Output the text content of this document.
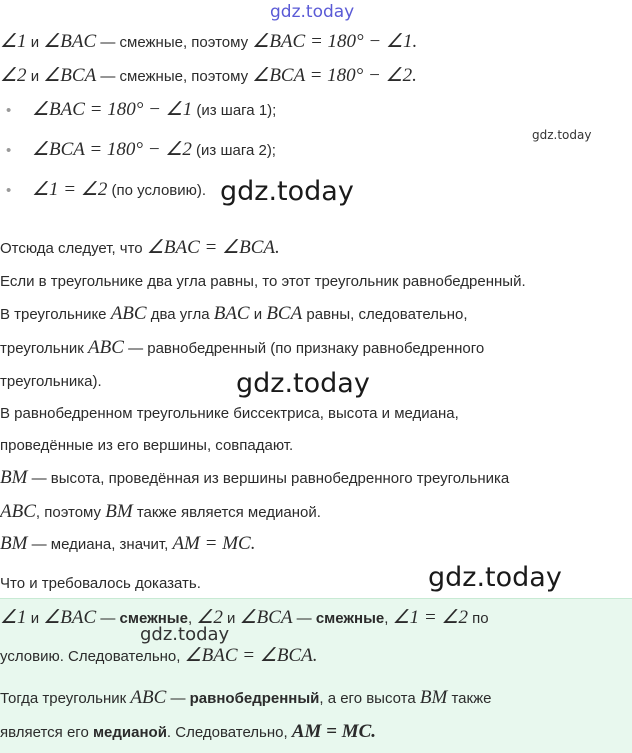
gdz.today
gdz.today
∠1 и ∠BAC — смежные, поэтому ∠BAC = 180° − ∠1.
∠2 и ∠BCA — смежные, поэтому ∠BCA = 180° − ∠2.
• ∠BAC = 180° − ∠1 (из шага 1);
• ∠BCA = 180° − ∠2 (из шага 2);
• ∠1 = ∠2 (по условию). gdz.today
Отсюда следует, что ∠BAC = ∠BCA.
Если в треугольнике два угла равны, то этот треугольник равнобедренный.
В треугольнике ABC два угла BAC и BCA равны, следовательно,
треугольник ABC — равнобедренный (по признаку равнобедренного
треугольника).	gdz.today
В равнобедренном треугольнике биссектриса, высота и медиана,
проведённые из его вершины, совпадают.
BM — высота, проведённая из вершины равнобедренного треугольника
ABC, поэтому BM также является медианой.
BM — медиана, значит, AM = MC.
Что и требовалось доказать.	gdz.today
∠1 и ∠BAC — смежные, ∠2 и ∠BCA — смежные, ∠1 = ∠2 по
gdz.today
условию. Следовательно, ∠BAC = ∠BCA.
Тогда треугольник ABC — равнобедренный, а его высота BM также
является его медианой. Следовательно, AM = MC.
